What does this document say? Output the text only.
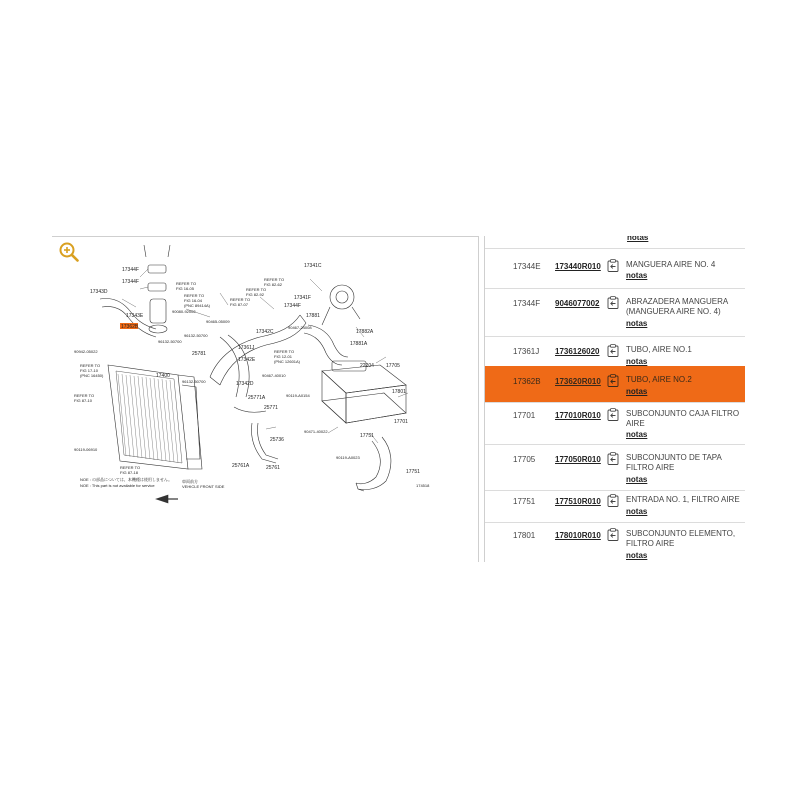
17344F
17344F
17343D
17343E
96132-50700
17362B
REFER TO FIG 16-05
REFER TO FIG 16-04 (PNC 89414A)
90080-92002
90465-05009
96132-50700
25781
17361J
REFER TO FIG 82-92
REFER TO FIG 82-62
REFER TO FIG 87-07
17341C
17341F
17344F
17881
90467-24008
17882A
17881A
REFER TO FIG 12-01 (PNC 12601A)
17342C
17342E
90467-40010
22204 17705
17801
96132-50700	17342D
90119-A0154
17701
25771
25771A
90471-40022
25736
17751
25761A
90119-A0023
25761
17400
90942-05022
REFER TO FIG 17-10 (PNC 16450)
REFER TO FIG 87-10
90119-06910
REFER TO FIG 87-18	17751
NOE : の部品については、本機種は使用しません。
NOE : This part is not available for service
車両前方 VEHICLE FRONT SIDE	174518
notas
17344E 173440R010	MANGUERA AIRE NO. 4
notas
17344F 9046077002	ABRAZADERA MANGUERA (MANGUERA AIRE NO. 4)
notas
17361J 1736126020	TUBO, AIRE NO.1
notas
17362B 173620R010	TUBO, AIRE NO.2
notas
17701 177010R010	SUBCONJUNTO CAJA FILTRO AIRE
notas
17705 177050R010	SUBCONJUNTO DE TAPA FILTRO AIRE
notas
17751 177510R010	ENTRADA NO. 1, FILTRO AIRE
notas
17801 178010R010	SUBCONJUNTO ELEMENTO, FILTRO AIRE
notas
